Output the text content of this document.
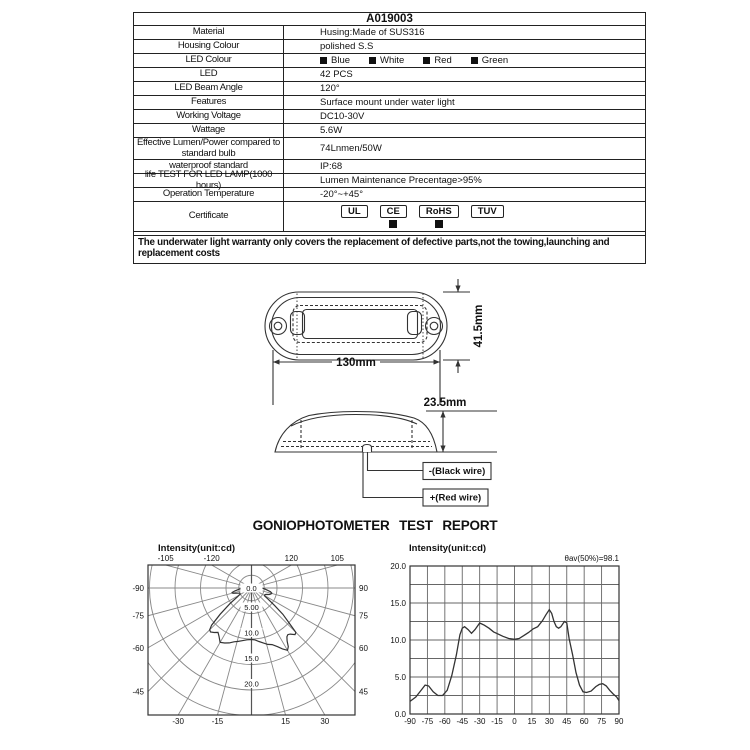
A019003
Material	Husing:Made of SUS316
Housing Colour	polished S.S
LED Colour	Blue	White	Red	Green
LED	42 PCS
LED Beam Angle	120°
Features	Surface mount under water light
Working Voltage	DC10-30V
Wattage	5.6W
Effective Lumen/Power compared to standard bulb	74Lnmen/50W
waterproof standard	IP:68
life TEST FOR LED LAMP(1000 hours)	Lumen Maintenance Precentage>95%
Operation Temperature	-20°~+45°
Certificate	UL	CE	RoHS	TUV
The underwater light warranty only covers the replacement of defective parts,not the towing,launching and replacement costs
41.5mm
130mm
23.5mm
-(Black wire)
+(Red wire)
GONIOPHOTOMETER TEST REPORT
0.0
5.00
10.0
15.0
20.0
-105	-120	120	105
-90
-75
-60
-45
90
75
60
45
-30	-15	15	30
Intensity(unit:cd)
20.0
15.0
10.0
5.0
0.0
-90 -75 -60 -45 -30 -15 0 15 30 45 60 75 90
Intensity(unit:cd)
θav(50%)=98.1
